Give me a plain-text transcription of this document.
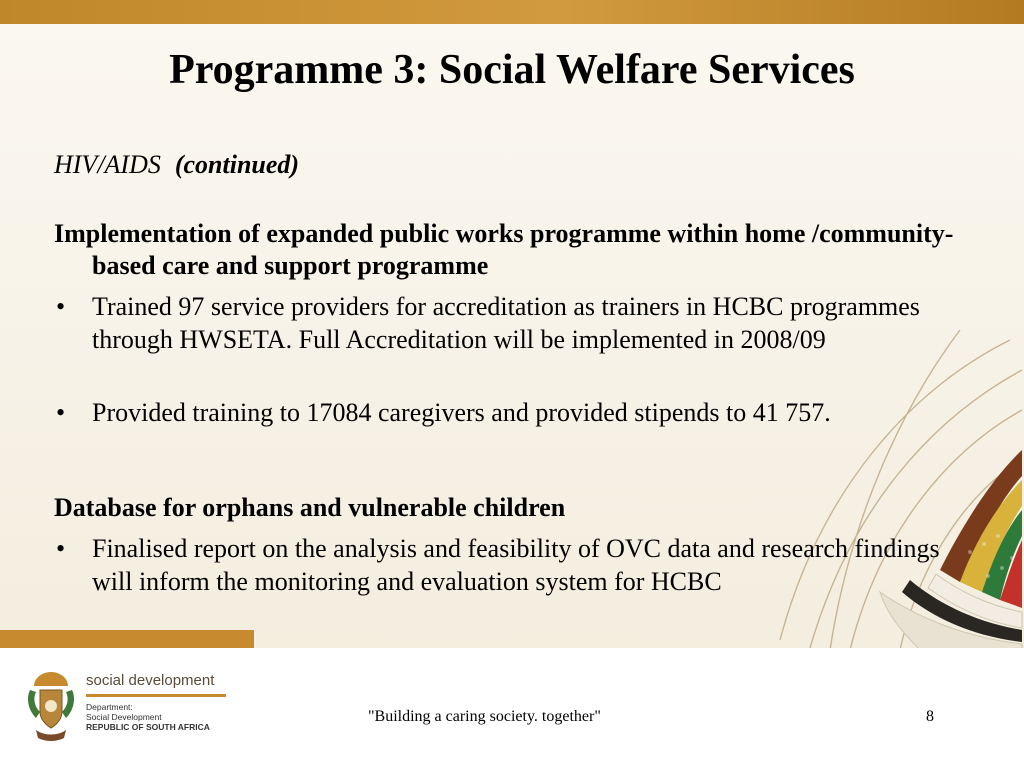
Programme 3: Social Welfare Services
HIV/AIDS (continued)
Implementation of expanded public works programme within home /community-based care and support programme
• Trained 97 service providers for accreditation as trainers in HCBC programmes through HWSETA. Full Accreditation will be implemented in 2008/09
• Provided training to 17084 caregivers and provided stipends to 41 757.
Database for orphans and vulnerable children
• Finalised report on the analysis and feasibility of OVC data and research findings will inform the monitoring and evaluation system for HCBC
social development
Department:
Social Development
REPUBLIC OF SOUTH AFRICA
"Building a caring society. together"	8
